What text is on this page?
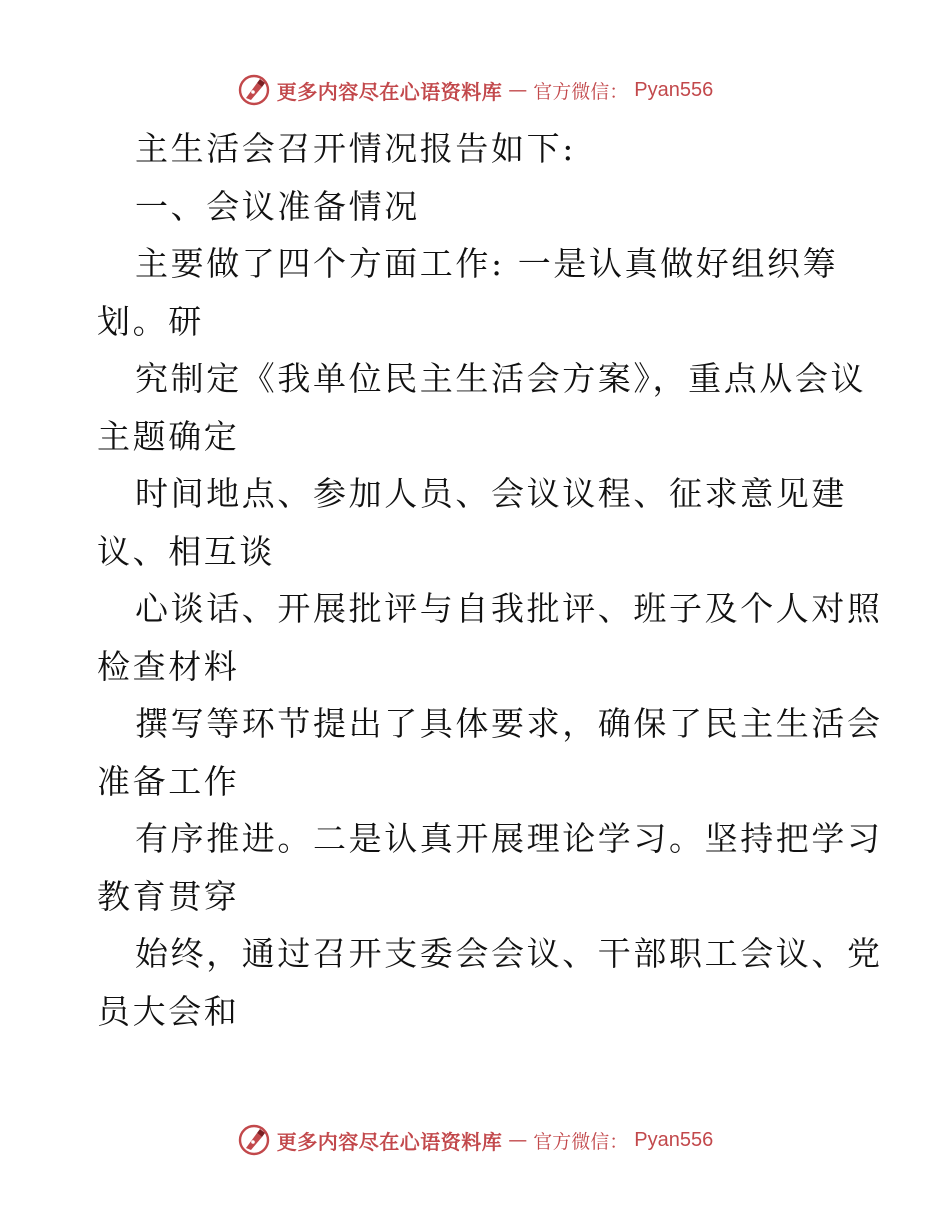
更多内容尽在心语资料库 — 官方微信： Pyan556
主生活会召开情况报告如下:
一、会议准备情况
主要做了四个方面工作: 一是认真做好组织筹
划。研
究制定《我单位民主生活会方案》，重点从会议
主题确定
时间地点、参加人员、会议议程、征求意见建
议、相互谈
心谈话、开展批评与自我批评、班子及个人对照
检查材料
撰写等环节提出了具体要求，确保了民主生活会
准备工作
有序推进。二是认真开展理论学习。坚持把学习
教育贯穿
始终，通过召开支委会会议、干部职工会议、党
员大会和
更多内容尽在心语资料库 — 官方微信： Pyan556
